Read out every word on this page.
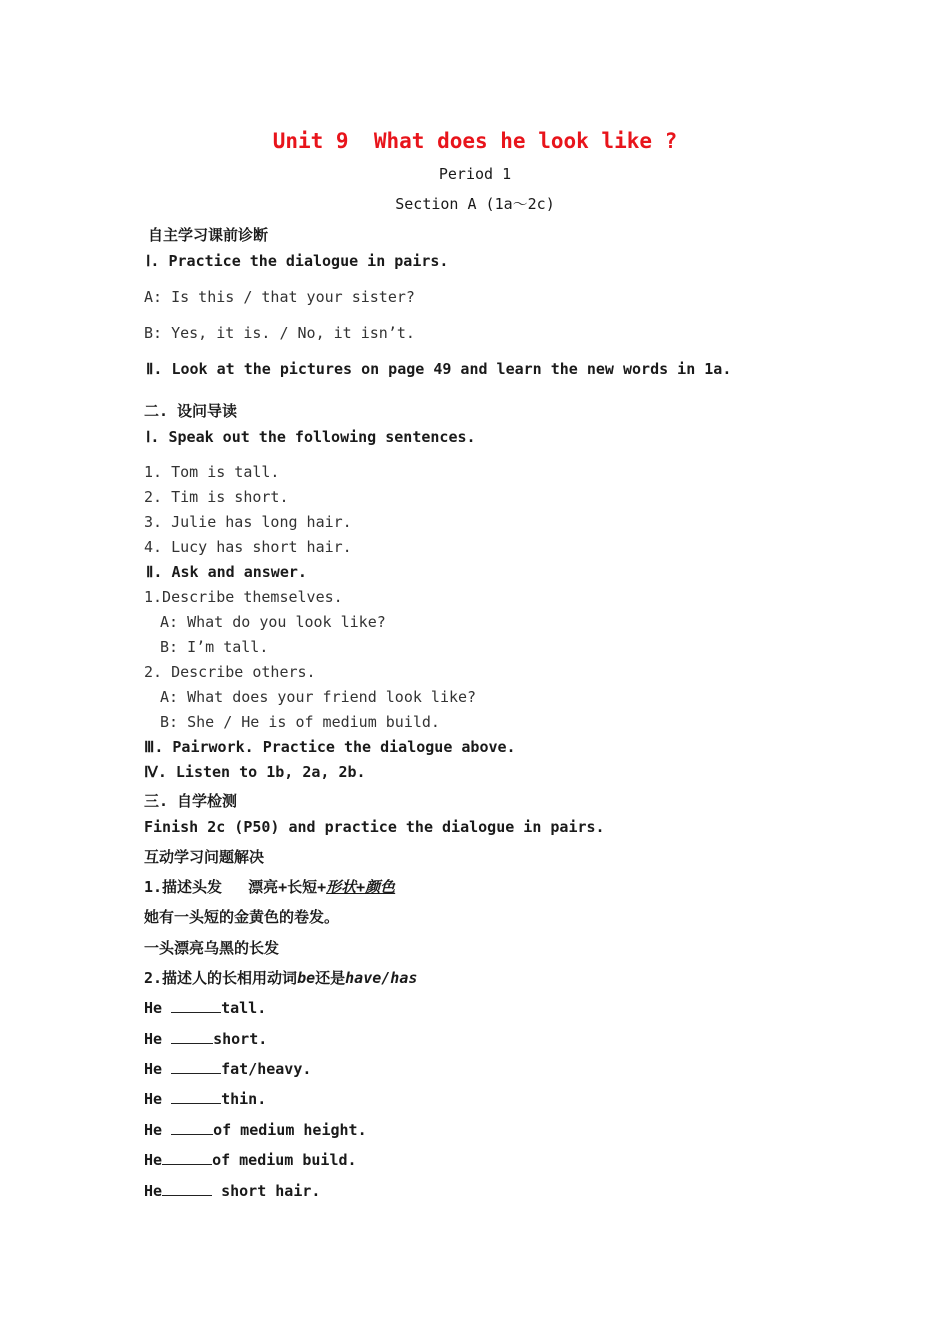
Unit 9  What does he look like ?
Period 1
Section A (1a～2c)
自主学习课前诊断
Ⅰ. Practice the dialogue in pairs.
A: Is this / that your sister?
B: Yes, it is. / No, it isn’t.
Ⅱ. Look at the pictures on page 49 and learn the new words in 1a.
二. 设问导读
Ⅰ. Speak out the following sentences.
1. Tom is tall.
2. Tim is short.
3. Julie has long hair.
4. Lucy has short hair.
Ⅱ. Ask and answer.
1.Describe themselves.
A: What do you look like?
B: I’m tall.
2. Describe others.
A: What does your friend look like?
B: She / He is of medium build.
Ⅲ. Pairwork. Practice the dialogue above.
Ⅳ. Listen to 1b, 2a, 2b.
三. 自学检测
Finish 2c (P50) and practice the dialogue in pairs.
互动学习问题解决
1.描述头发 漂亮+长短+形状+颜色
她有一头短的金黄色的卷发。
一头漂亮乌黑的长发
2.描述人的长相用动词be还是have/has
He	tall.
He	short.
He	fat/heavy.
He	thin.
He	of medium height.
He	of medium build.
He	short hair.
